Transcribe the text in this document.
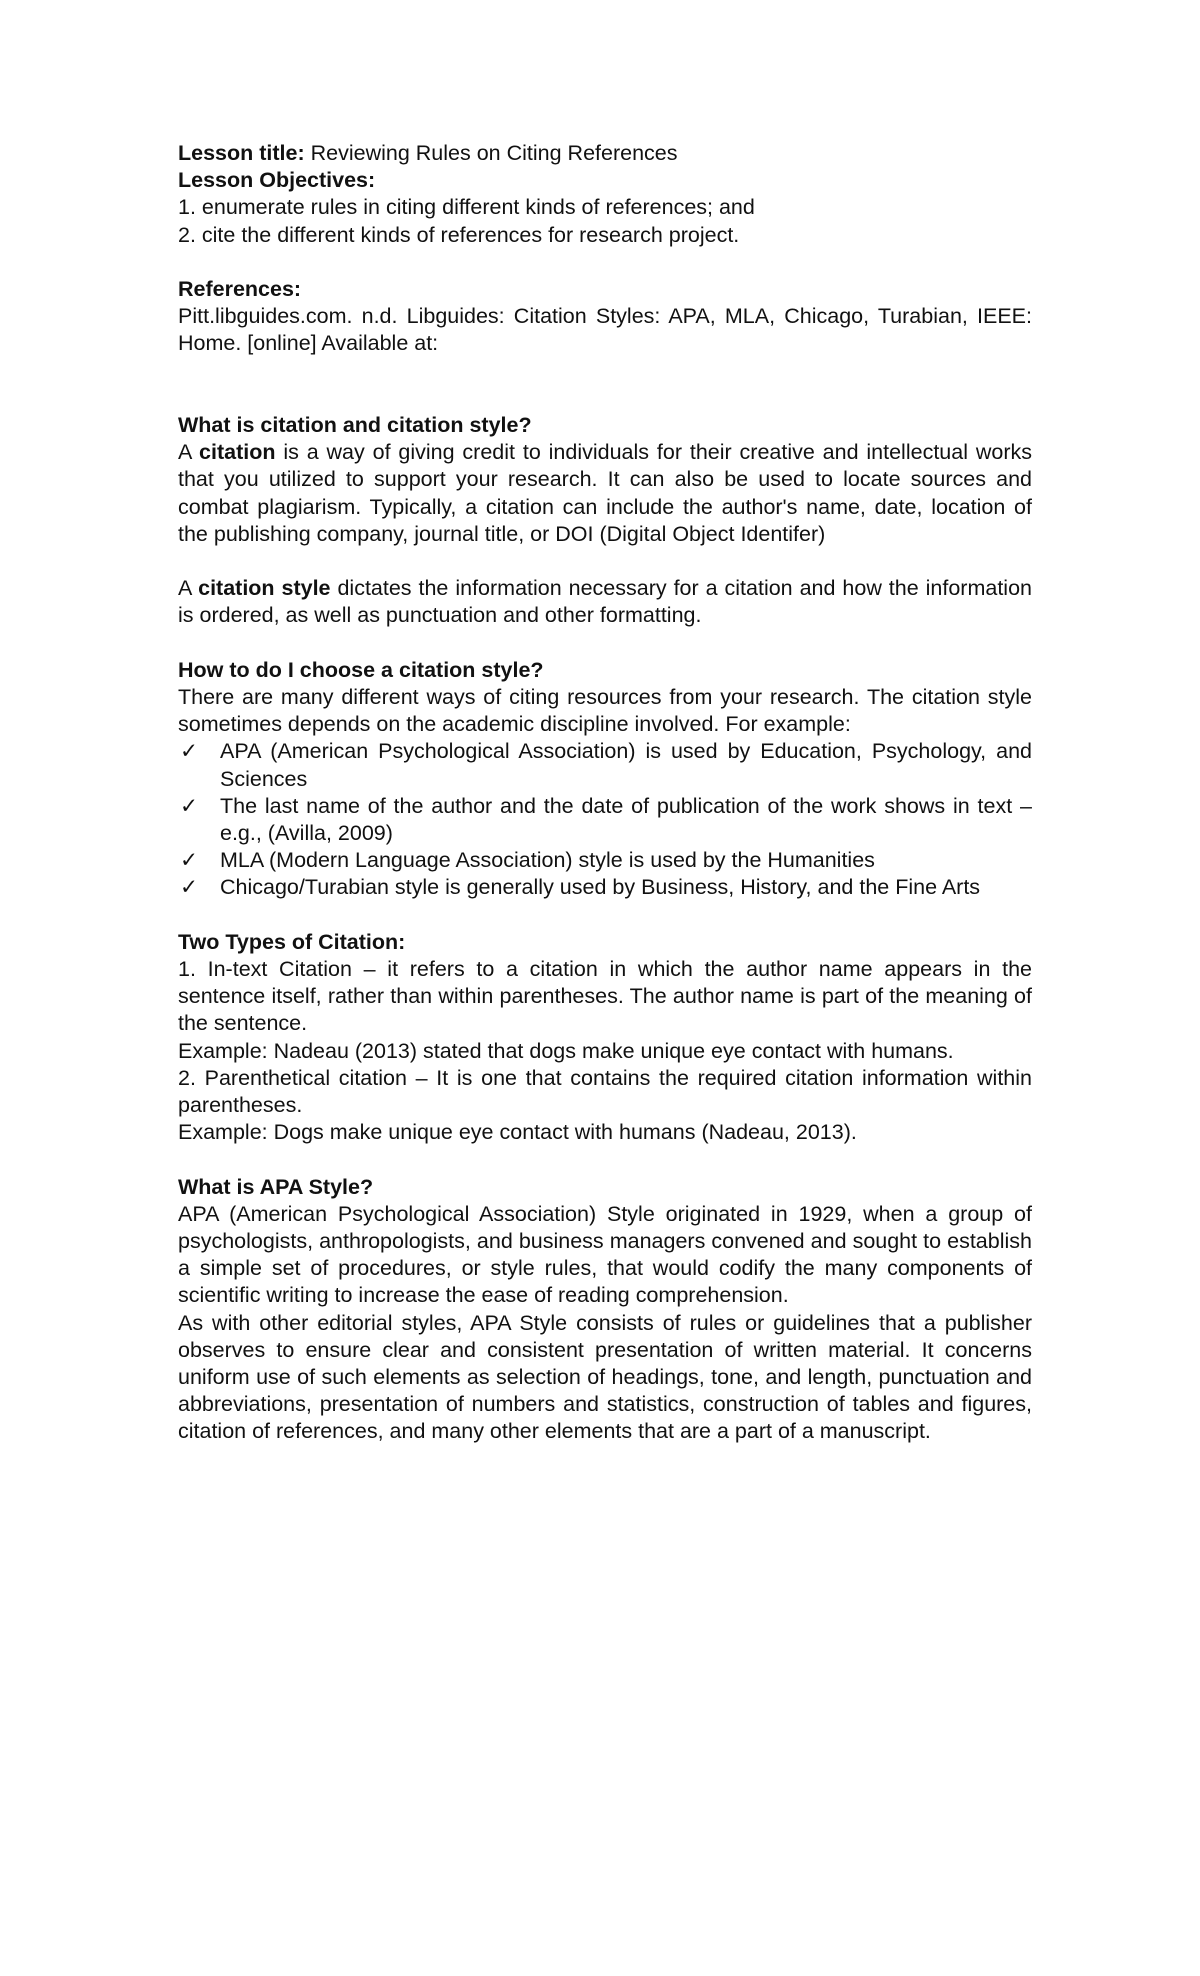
Lesson title: Reviewing Rules on Citing References

Lesson Objectives:

1. enumerate rules in citing different kinds of references; and

2. cite the different kinds of references for research project.

References:

Pitt.libguides.com. n.d. Libguides: Citation Styles: APA, MLA, Chicago, Turabian, IEEE: Home. [online] Available at:

What is citation and citation style?

A citation is a way of giving credit to individuals for their creative and intellectual works that you utilized to support your research. It can also be used to locate sources and combat plagiarism. Typically, a citation can include the author's name, date, location of the publishing company, journal title, or DOI (Digital Object Identifer)

A citation style dictates the information necessary for a citation and how the information is ordered, as well as punctuation and other formatting.

How to do I choose a citation style?

There are many different ways of citing resources from your research. The citation style sometimes depends on the academic discipline involved. For example:

✓ APA (American Psychological Association) is used by Education, Psychology, and Sciences
✓ The last name of the author and the date of publication of the work shows in text –e.g., (Avilla, 2009)
✓ MLA (Modern Language Association) style is used by the Humanities
✓ Chicago/Turabian style is generally used by Business, History, and the Fine Arts

Two Types of Citation:

1. In-text Citation – it refers to a citation in which the author name appears in the sentence itself, rather than within parentheses. The author name is part of the meaning of the sentence.

Example: Nadeau (2013) stated that dogs make unique eye contact with humans.

2. Parenthetical citation – It is one that contains the required citation information within parentheses.

Example: Dogs make unique eye contact with humans (Nadeau, 2013).

What is APA Style?

APA (American Psychological Association) Style originated in 1929, when a group of psychologists, anthropologists, and business managers convened and sought to establish a simple set of procedures, or style rules, that would codify the many components of scientific writing to increase the ease of reading comprehension.

As with other editorial styles, APA Style consists of rules or guidelines that a publisher observes to ensure clear and consistent presentation of written material. It concerns uniform use of such elements as selection of headings, tone, and length, punctuation and abbreviations, presentation of numbers and statistics, construction of tables and figures, citation of references, and many other elements that are a part of a manuscript.
